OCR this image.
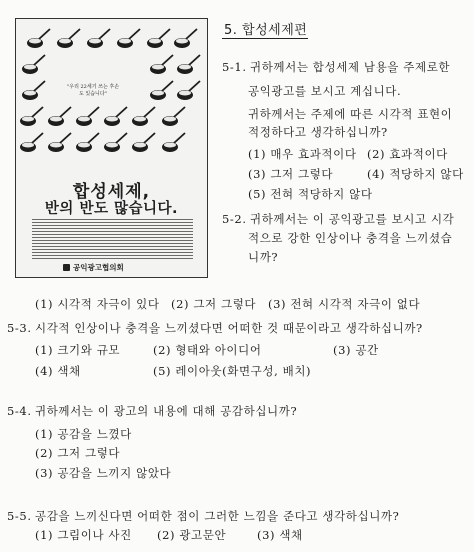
"우리 22세기 쓰는 후손도 있습니다"
합성세제,
반의 반도 많습니다.
공익광고협의회
5. 합성세제편
5-1. 귀하께서는 합성세제 남용을 주제로한
공익광고를 보시고 계십니다.
귀하께서는 주제에 따른 시각적 표현이
적정하다고 생각하십니까?
(1) 매우 효과적이다 (2) 효과적이다
(3) 그저 그렇다	(4) 적당하지 않다
(5) 전혀 적당하지 않다
5-2. 귀하께서는 이 공익광고를 보시고 시각
적으로 강한 인상이나 충격을 느끼셨습
니까?
(1) 시각적 자극이 있다 (2) 그저 그렇다 (3) 전혀 시각적 자극이 없다
5-3. 시각적 인상이나 충격을 느끼셨다면 어떠한 것 때문이라고 생각하십니까?
(1) 크기와 규모	(2) 형태와 아이디어	(3) 공간
(4) 색채	(5) 레이아웃(화면구성, 배치)
5-4. 귀하께서는 이 광고의 내용에 대해 공감하십니까?
(1) 공감을 느꼈다
(2) 그저 그렇다
(3) 공감을 느끼지 않았다
5-5. 공감을 느끼신다면 어떠한 점이 그러한 느낌을 준다고 생각하십니까?
(1) 그림이나 사진 (2) 광고문안	(3) 색채
